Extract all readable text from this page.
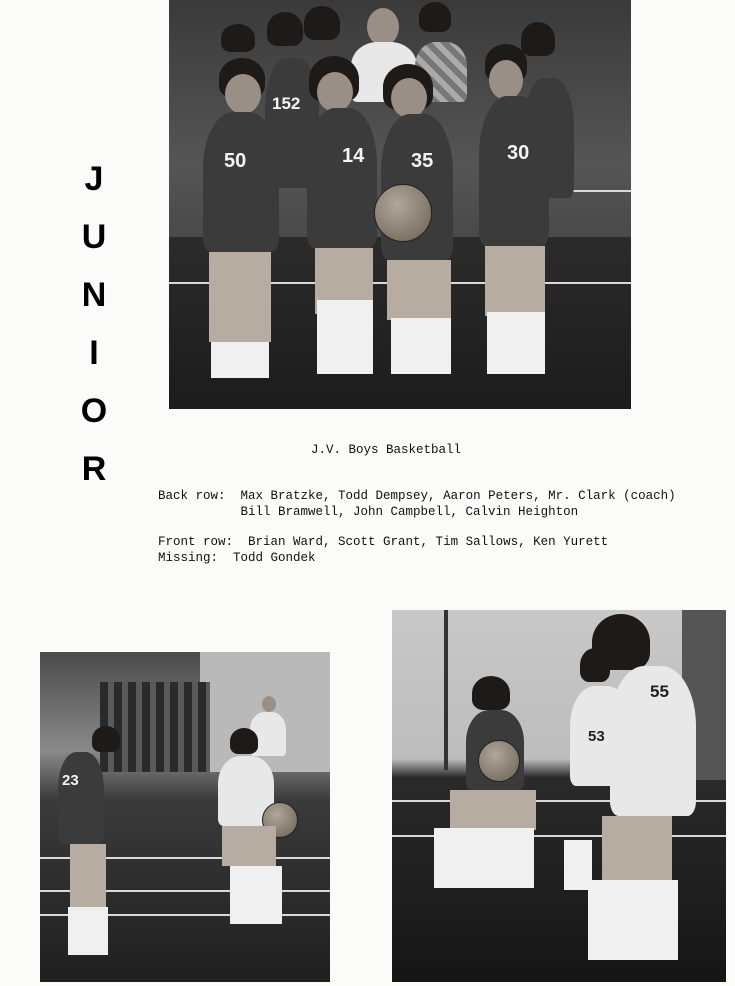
J
U
N
I
O
R
152
50	14 35	30
J.V. Boys Basketball
Back row: Max Bratzke, Todd Dempsey, Aaron Peters, Mr. Clark (coach)
Bill Bramwell, John Campbell, Calvin Heighton

Front row: Brian Ward, Scott Grant, Tim Sallows, Ken Yurett
Missing: Todd Gondek
23
53
55
